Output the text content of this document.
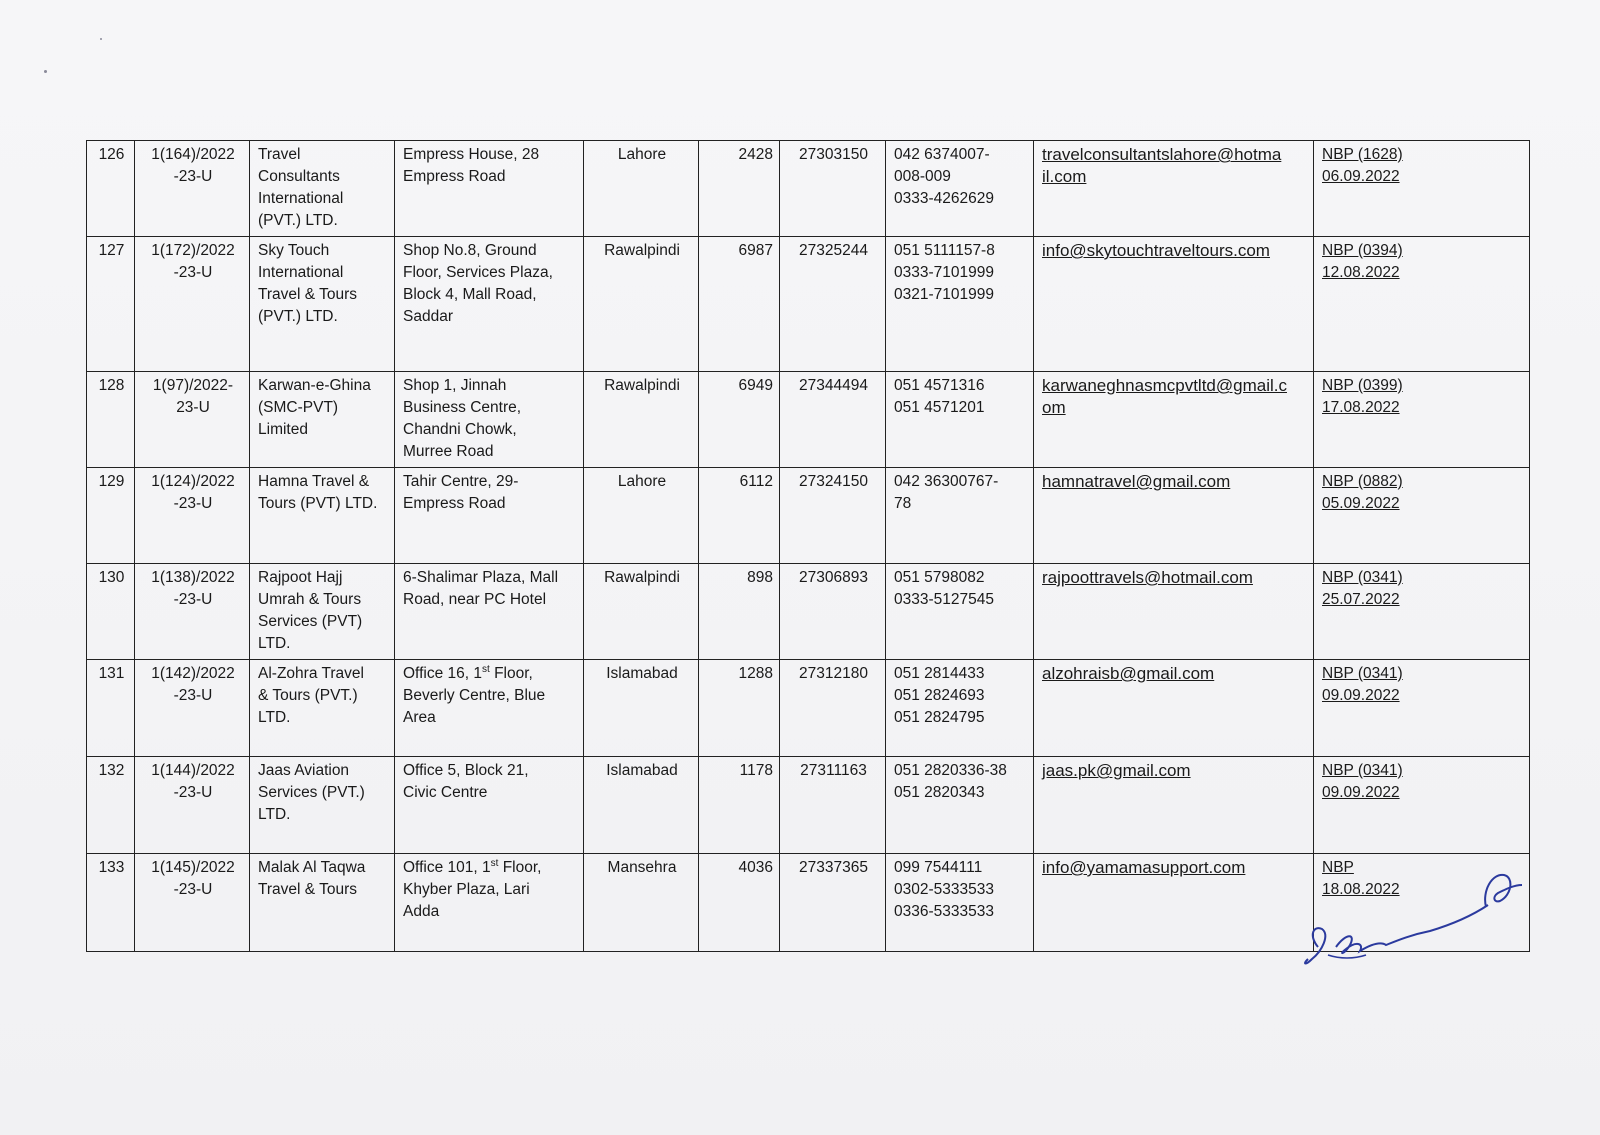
126	1(164)/2022
-23-U	Travel
Consultants
International
(PVT.) LTD.	Empress House, 28
Empress Road	Lahore	2428	27303150	042 6374007-
008-009
0333-4262629	travelconsultantslahore@hotma
il.com	NBP (1628)
06.09.2022

127	1(172)/2022
-23-U	Sky Touch
International
Travel & Tours
(PVT.) LTD.	Shop No.8, Ground
Floor, Services Plaza,
Block 4, Mall Road,
Saddar	Rawalpindi	6987	27325244	051 5111157-8
0333-7101999
0321-7101999	info@skytouchtraveltours.com	NBP (0394)
12.08.2022

128	1(97)/2022-
23-U	Karwan-e-Ghina
(SMC-PVT)
Limited	Shop 1, Jinnah
Business Centre,
Chandni Chowk,
Murree Road	Rawalpindi	6949	27344494	051 4571316
051 4571201	karwaneghnasmcpvtltd@gmail.c
om	NBP (0399)
17.08.2022

129	1(124)/2022
-23-U	Hamna Travel &
Tours (PVT) LTD.	Tahir Centre, 29-
Empress Road	Lahore	6112	27324150	042 36300767-
78	hamnatravel@gmail.com	NBP (0882)
05.09.2022

130	1(138)/2022
-23-U	Rajpoot Hajj
Umrah & Tours
Services (PVT)
LTD.	6-Shalimar Plaza, Mall
Road, near PC Hotel	Rawalpindi	898	27306893	051 5798082
0333-5127545	rajpoottravels@hotmail.com	NBP (0341)
25.07.2022

131	1(142)/2022
-23-U	Al-Zohra Travel
& Tours (PVT.)
LTD.	Office 16, 1st Floor,
Beverly Centre, Blue
Area	Islamabad	1288	27312180	051 2814433
051 2824693
051 2824795	alzohraisb@gmail.com	NBP (0341)
09.09.2022

132	1(144)/2022
-23-U	Jaas Aviation
Services (PVT.)
LTD.	Office 5, Block 21,
Civic Centre	Islamabad	1178	27311163	051 2820336-38
051 2820343	jaas.pk@gmail.com	NBP (0341)
09.09.2022

133	1(145)/2022
-23-U	Malak Al Taqwa
Travel & Tours	Office 101, 1st Floor,
Khyber Plaza, Lari
Adda	Mansehra	4036	27337365	099 7544111
0302-5333533
0336-5333533	info@yamamasupport.com	NBP
18.08.2022
